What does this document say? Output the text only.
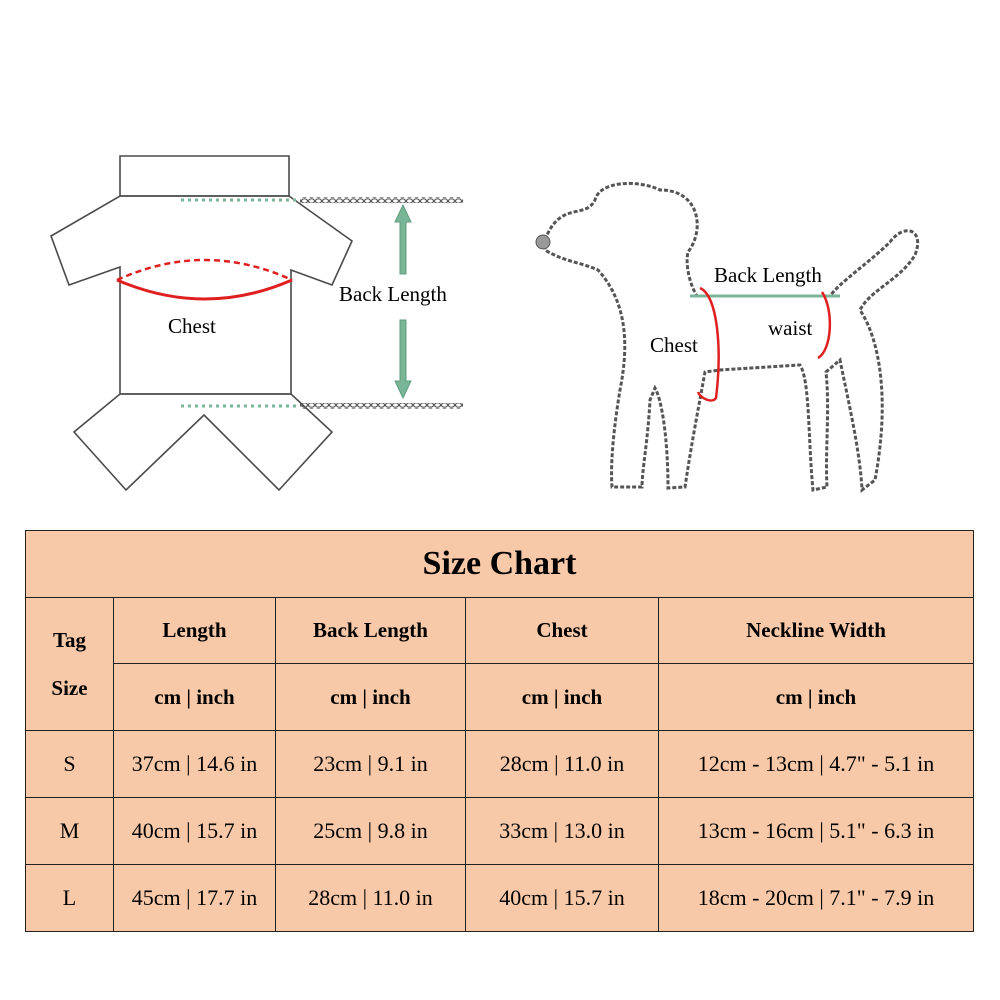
Chest
Back Length
Back Length
Chest
waist
Size Chart				

Tag
Size	Length	Back Length	Chest	Neckline Width
	cm | inch	cm | inch	cm | inch	cm | inch
S	37cm | 14.6 in	23cm | 9.1 in	28cm | 11.0 in	12cm - 13cm | 4.7" - 5.1 in
M	40cm | 15.7 in	25cm | 9.8 in	33cm | 13.0 in	13cm - 16cm | 5.1" - 6.3 in
L	45cm | 17.7 in	28cm | 11.0 in	40cm | 15.7 in	18cm - 20cm | 7.1" - 7.9 in
